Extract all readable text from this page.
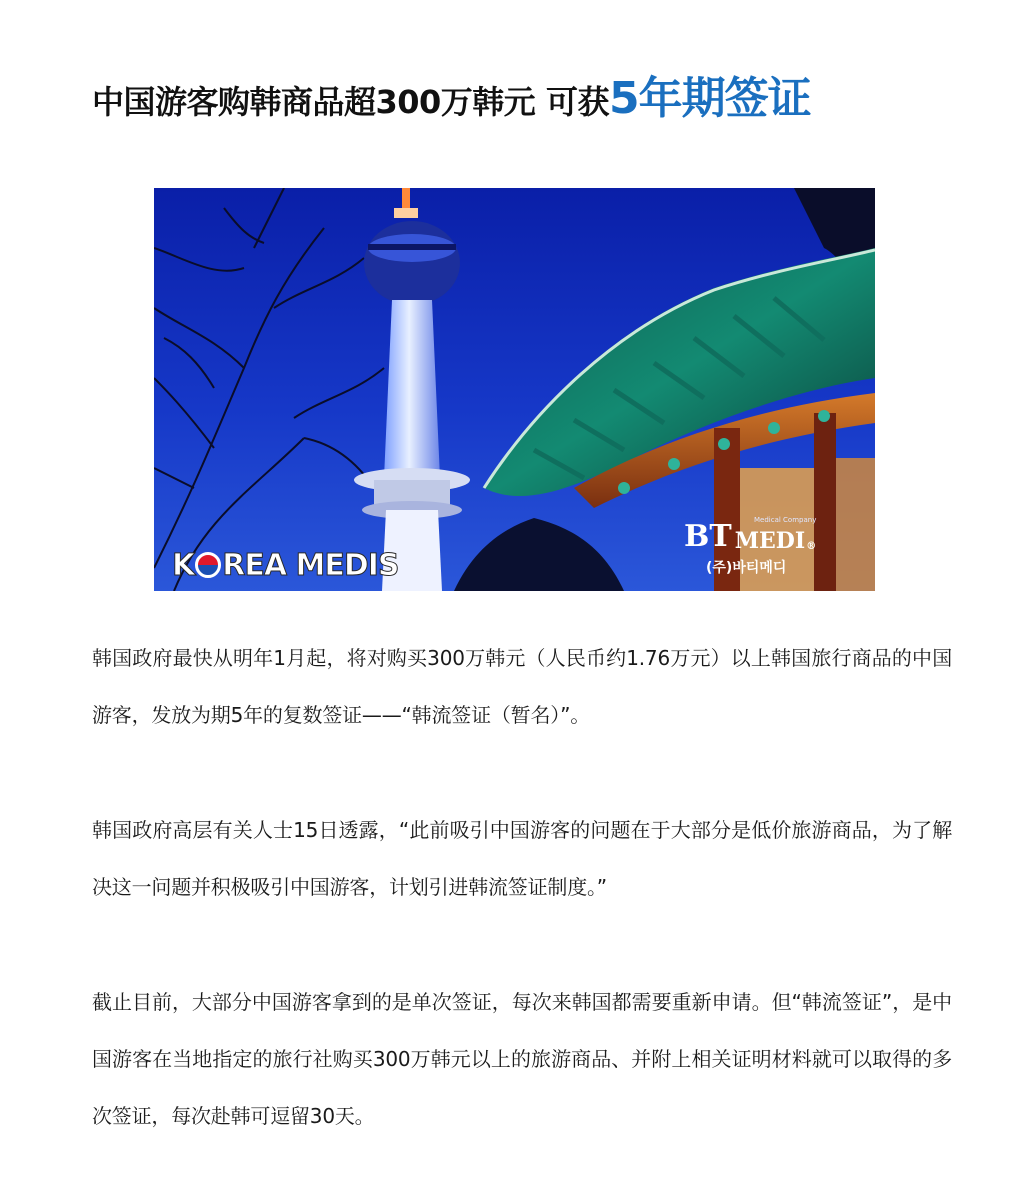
中国游客购韩商品超300万韩元 可获5年期签证
K REA MEDIS
BT MEDI ®
Medical Company
(주)바티메디

韩国政府最快从明年1月起，将对购买300万韩元（人民币约1.76万元）以上韩国旅行商品的中国游客，发放为期5年的复数签证——“韩流签证（暂名）”。

韩国政府高层有关人士15日透露，“此前吸引中国游客的问题在于大部分是低价旅游商品，为了解决这一问题并积极吸引中国游客，计划引进韩流签证制度。”

截止目前，大部分中国游客拿到的是单次签证，每次来韩国都需要重新申请。但“韩流签证”，是中国游客在当地指定的旅行社购买300万韩元以上的旅游商品、并附上相关证明材料就可以取得的多次签证，每次赴韩可逗留30天。
